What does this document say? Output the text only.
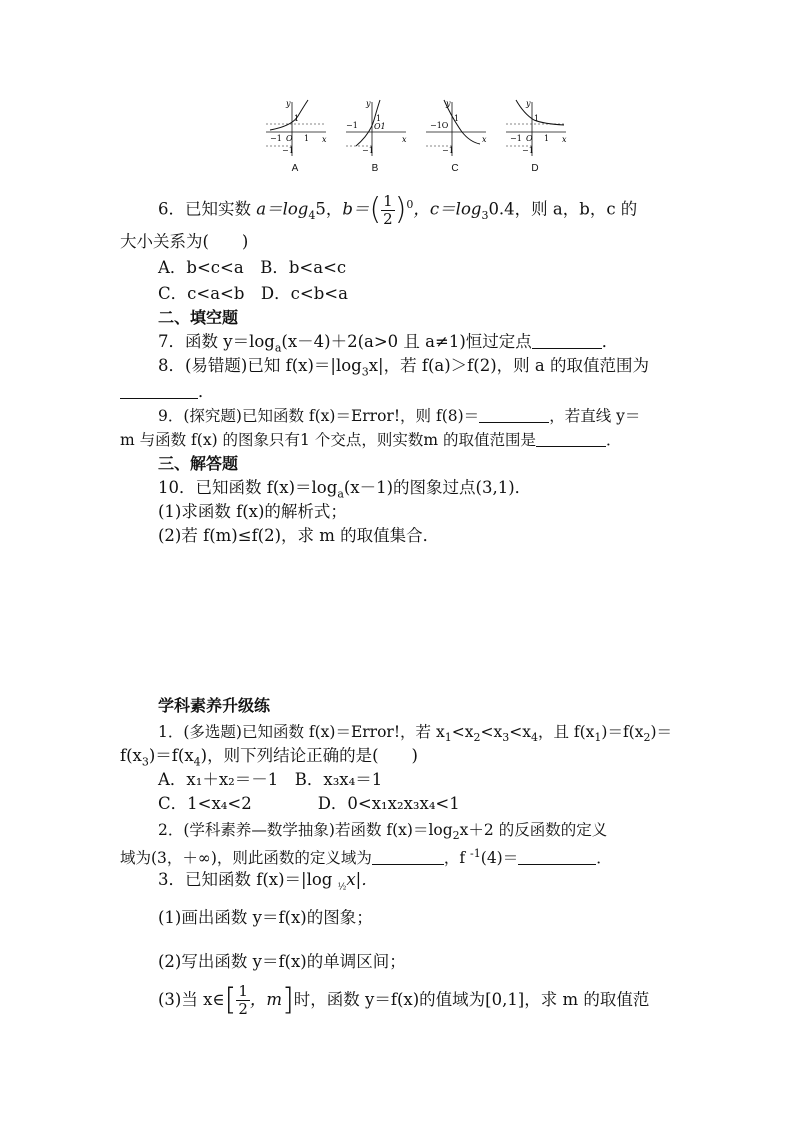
y
x
1
−1 O 1
−1
A
y
x
1
−1 O1
−1
B
y
x
1
−1O
−1
C
y
x
1
−1 O 1
−1
D
6．已知实数 $a=\log_45$，$b=( \frac{1}{2} )^0$，$c=\log_30.4$，则 a，b，c 的
大小关系为(　　)
A．b<c<a　 B．b<a<c
C．c<a<b　 D．c<b<a
二、填空题
7．函数 $y=\log_a(x-4)+2(a>0$ 且 a≠1)恒过定点	．
8．(易错题)已知 $f(x)=|\log_3x|$，若 f(a)＞f(2)，则 a 的取值范围为
．
9．(探究题)已知函数 f(x)＝Error!，则 f(8)＝	，若直线 y＝
m 与函数 f(x) 的图象只有1 个交点，则实数m 的取值范围是	．
三、解答题
10．已知函数 $f(x)=\log_a(x-1)$的图象过点(3,1)．
(1)求函数 f(x)的解析式；
(2)若 f(m)≤f(2)，求 m 的取值集合．
学科素养升级练
1．(多选题)已知函数 f(x)＝Error!，若 $x_1<x_2<x_3<x_4$，且 $f(x_1)=f(x_2)=$
$f(x_3)=f(x_4)$，则下列结论正确的是(　　)
A．x₁＋x₂＝－1　 B．x₃x₄＝1
C．1<x₄<2	D．0<x₁x₂x₃x₄<1
2．(学科素养—数学抽象)若函数 $f(x)=\log_2x+2$ 的反函数的定义
域为(3，＋∞)，则此函数的定义域为	，f $^{-1}$(4)＝	．
3．已知函数 f(x)＝|log $_{\frac{1}{2}}$x|．
(1)画出函数 y＝f(x)的图象；
(2)写出函数 y＝f(x)的单调区间；
(3)当 x∈[ $\frac{1}{2}$ ，m]时，函数 y＝f(x)的值域为[0,1]，求 m 的取值范
